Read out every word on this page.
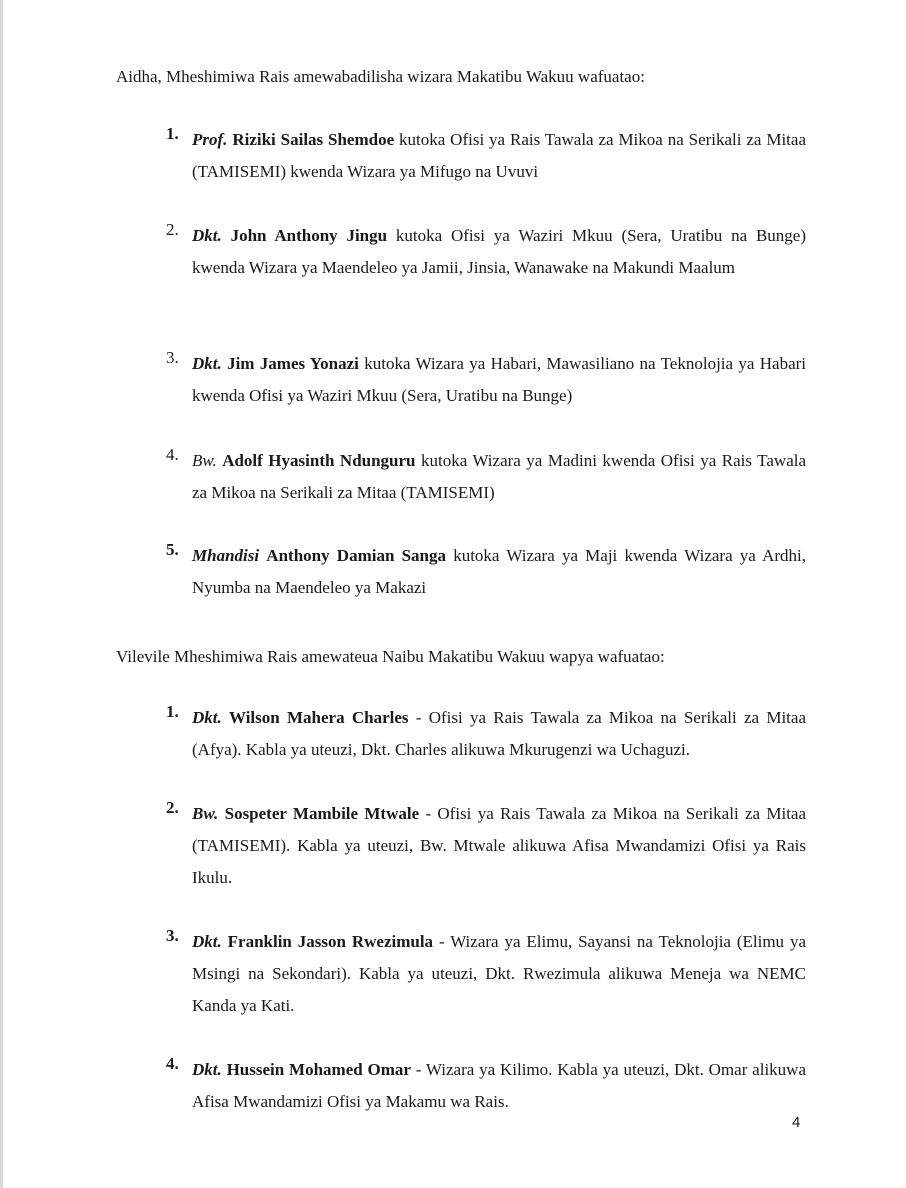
Aidha, Mheshimiwa Rais amewabadilisha wizara Makatibu Wakuu wafuatao:

1. Prof. Riziki Sailas Shemdoe kutoka Ofisi ya Rais Tawala za Mikoa na Serikali za Mitaa (TAMISEMI) kwenda Wizara ya Mifugo na Uvuvi
2. Dkt. John Anthony Jingu kutoka Ofisi ya Waziri Mkuu (Sera, Uratibu na Bunge) kwenda Wizara ya Maendeleo ya Jamii, Jinsia, Wanawake na Makundi Maalum
3. Dkt. Jim James Yonazi kutoka Wizara ya Habari, Mawasiliano na Teknolojia ya Habari kwenda Ofisi ya Waziri Mkuu (Sera, Uratibu na Bunge)
4. Bw. Adolf Hyasinth Ndunguru kutoka Wizara ya Madini kwenda Ofisi ya Rais Tawala za Mikoa na Serikali za Mitaa (TAMISEMI)
5. Mhandisi Anthony Damian Sanga kutoka Wizara ya Maji kwenda Wizara ya Ardhi, Nyumba na Maendeleo ya Makazi

Vilevile Mheshimiwa Rais amewateua Naibu Makatibu Wakuu wapya wafuatao:

1. Dkt. Wilson Mahera Charles - Ofisi ya Rais Tawala za Mikoa na Serikali za Mitaa (Afya). Kabla ya uteuzi, Dkt. Charles alikuwa Mkurugenzi wa Uchaguzi.
2. Bw. Sospeter Mambile Mtwale - Ofisi ya Rais Tawala za Mikoa na Serikali za Mitaa (TAMISEMI). Kabla ya uteuzi, Bw. Mtwale alikuwa Afisa Mwandamizi Ofisi ya Rais Ikulu.
3. Dkt. Franklin Jasson Rwezimula - Wizara ya Elimu, Sayansi na Teknolojia (Elimu ya Msingi na Sekondari). Kabla ya uteuzi, Dkt. Rwezimula alikuwa Meneja wa NEMC Kanda ya Kati.
4. Dkt. Hussein Mohamed Omar - Wizara ya Kilimo. Kabla ya uteuzi, Dkt. Omar alikuwa Afisa Mwandamizi Ofisi ya Makamu wa Rais.
4
